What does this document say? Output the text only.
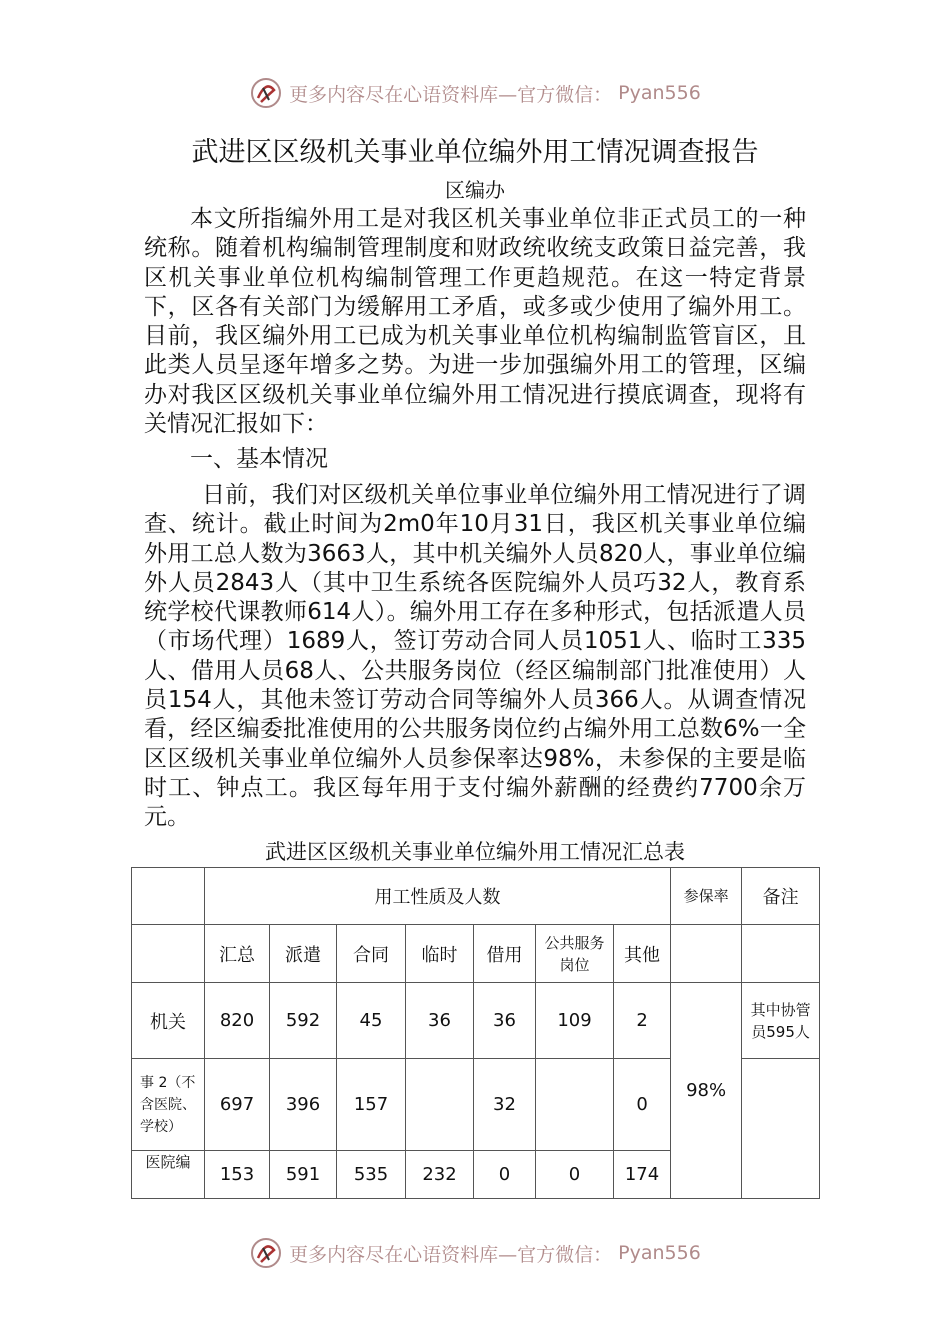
更多内容尽在心语资料库—官方微信： Pyan556
武进区区级机关事业单位编外用工情况调查报告
区编办

本文所指编外用工是对我区机关事业单位非正式员工的一种统称。随着机构编制管理制度和财政统收统支政策日益完善，我区机关事业单位机构编制管理工作更趋规范。在这一特定背景下，区各有关部门为缓解用工矛盾，或多或少使用了编外用工。目前，我区编外用工已成为机关事业单位机构编制监管盲区，且此类人员呈逐年增多之势。为进一步加强编外用工的管理，区编办对我区区级机关事业单位编外用工情况进行摸底调查，现将有关情况汇报如下：

一、基本情况

日前，我们对区级机关单位事业单位编外用工情况进行了调查、统计。截止时间为2m0年10月31日，我区机关事业单位编外用工总人数为3663人，其中机关编外人员820人，事业单位编外人员2843人（其中卫生系统各医院编外人员巧32人，教育系统学校代课教师614人）。编外用工存在多种形式，包括派遣人员（市场代理）1689人，签订劳动合同人员1051人、临时工335人、借用人员68人、公共服务岗位（经区编制部门批准使用）人员154人，其他未签订劳动合同等编外人员366人。从调查情况看，经区编委批准使用的公共服务岗位约占编外用工总数6%一全区区级机关事业单位编外人员参保率达98%，未参保的主要是临时工、钟点工。我区每年用于支付编外薪酬的经费约7700余万元。

武进区区级机关事业单位编外用工情况汇总表
	用工性质及人数							参保率	备注
	汇总	派遣	合同	临时	借用	公共服务岗位	其他		
机关	820	592	45	36	36	109	2	98%	其中协管员595人
事 2（不含医院、学校）	697	396	157		32		0		
医院编	153	591	535	232	0	0	174		
更多内容尽在心语资料库—官方微信： Pyan556
